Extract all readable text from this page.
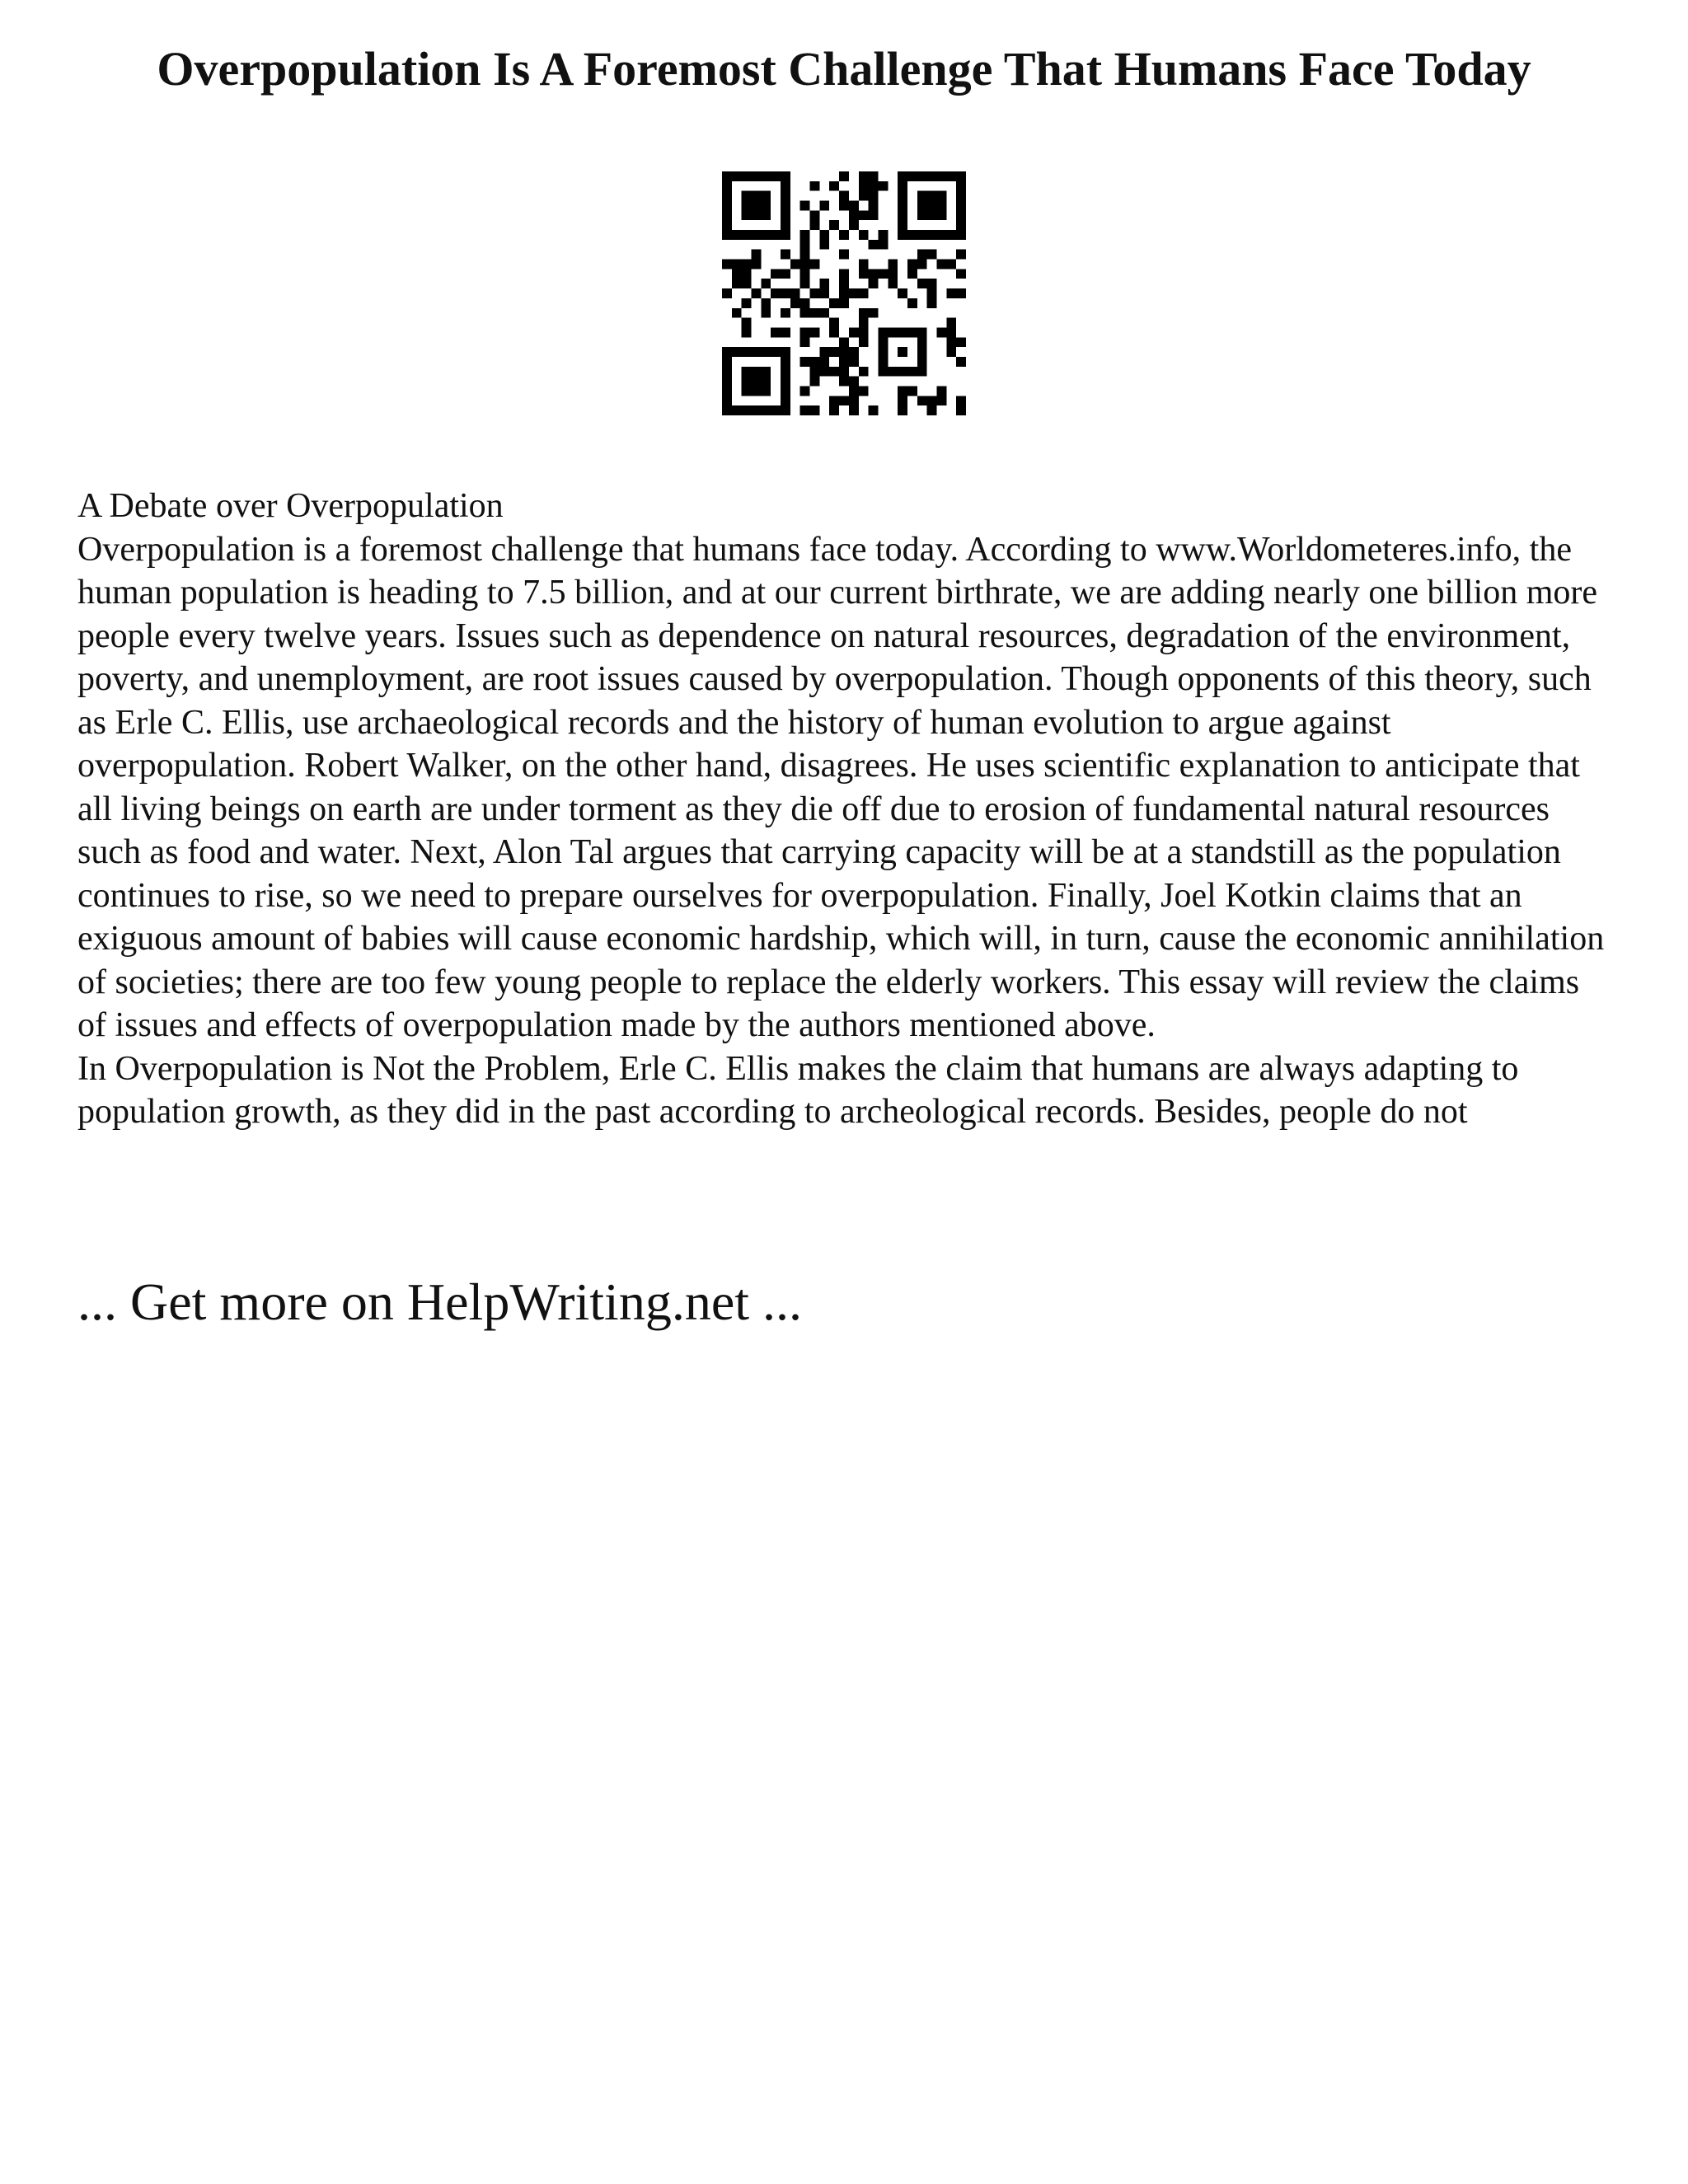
Overpopulation Is A Foremost Challenge That Humans Face Today

A Debate over Overpopulation

Overpopulation is a foremost challenge that humans face today. According to www.Worldometeres.info, the human population is heading to 7.5 billion, and at our current birthrate, we are adding nearly one billion more people every twelve years. Issues such as dependence on natural resources, degradation of the environment, poverty, and unemployment, are root issues caused by overpopulation. Though opponents of this theory, such as Erle C. Ellis, use archaeological records and the history of human evolution to argue against overpopulation. Robert Walker, on the other hand, disagrees. He uses scientific explanation to anticipate that all living beings on earth are under torment as they die off due to erosion of fundamental natural resources such as food and water. Next, Alon Tal argues that carrying capacity will be at a standstill as the population continues to rise, so we need to prepare ourselves for overpopulation. Finally, Joel Kotkin claims that an exiguous amount of babies will cause economic hardship, which will, in turn, cause the economic annihilation of societies; there are too few young people to replace the elderly workers. This essay will review the claims of issues and effects of overpopulation made by the authors mentioned above.

In Overpopulation is Not the Problem, Erle C. Ellis makes the claim that humans are always adapting to population growth, as they did in the past according to archeological records. Besides, people do not

... Get more on HelpWriting.net ...
